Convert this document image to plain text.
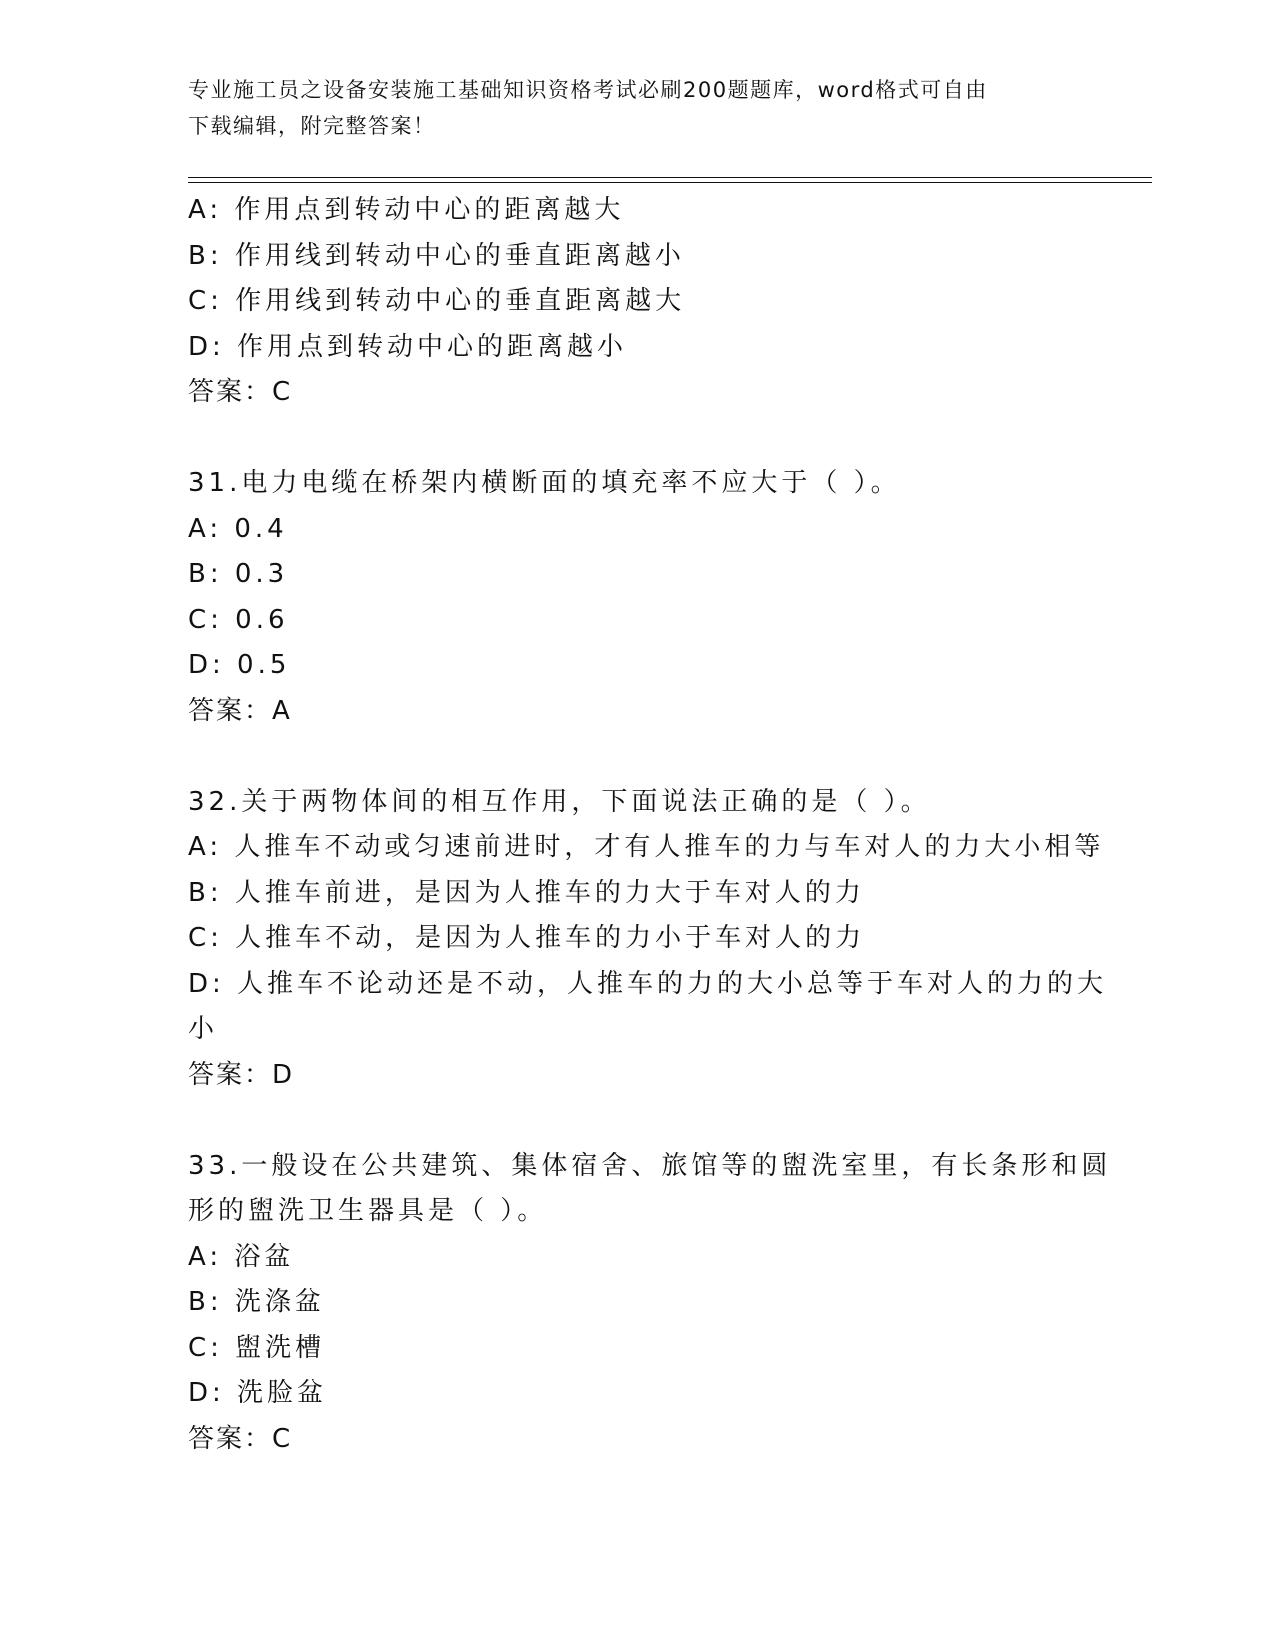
专业施工员之设备安装施工基础知识资格考试必刷200题题库，word格式可自由
下载编辑，附完整答案！
A: 作用点到转动中心的距离越大
B: 作用线到转动中心的垂直距离越小
C: 作用线到转动中心的垂直距离越大
D: 作用点到转动中心的距离越小
答案：C
31.电力电缆在桥架内横断面的填充率不应大于（ ）。
A: 0.4
B: 0.3
C: 0.6
D: 0.5
答案：A
32.关于两物体间的相互作用，下面说法正确的是（ ）。
A: 人推车不动或匀速前进时，才有人推车的力与车对人的力大小相等
B: 人推车前进，是因为人推车的力大于车对人的力
C: 人推车不动，是因为人推车的力小于车对人的力
D: 人推车不论动还是不动，人推车的力的大小总等于车对人的力的大
小
答案：D
33.一般设在公共建筑、集体宿舍、旅馆等的盥洗室里，有长条形和圆
形的盥洗卫生器具是（ ）。
A: 浴盆
B: 洗涤盆
C: 盥洗槽
D: 洗脸盆
答案：C
